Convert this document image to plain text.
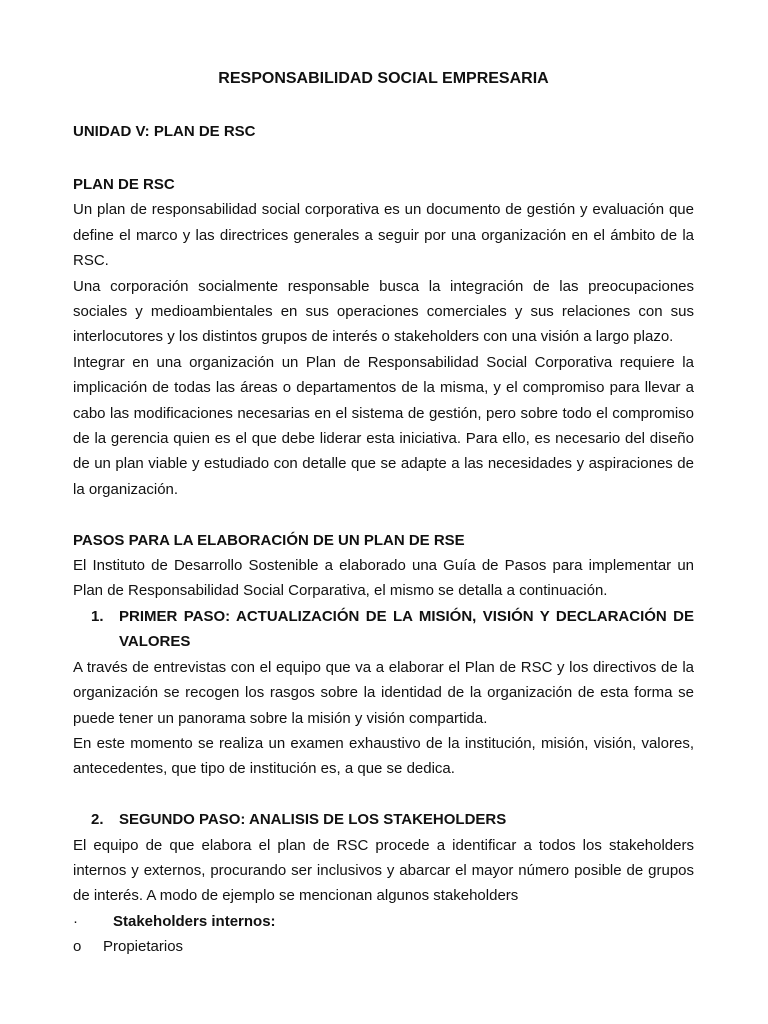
RESPONSABILIDAD SOCIAL EMPRESARIA
UNIDAD V: PLAN DE RSC

PLAN DE RSC

Un plan de responsabilidad social corporativa es un documento de gestión y evaluación que define el marco y las directrices generales a seguir por una organización en el ámbito de la RSC.

Una corporación socialmente responsable busca la integración de las preocupaciones sociales y medioambientales en sus operaciones comerciales y sus relaciones con sus interlocutores y los distintos grupos de interés o stakeholders con una visión a largo plazo.

Integrar en una organización un Plan de Responsabilidad Social Corporativa requiere la implicación de todas las áreas o departamentos de la misma, y el compromiso para llevar a cabo las modificaciones necesarias en el sistema de gestión, pero sobre todo el compromiso de la gerencia quien es el que debe liderar esta iniciativa. Para ello, es necesario del diseño de un plan viable y estudiado con detalle que se adapte a las necesidades y aspiraciones de la organización.

PASOS PARA LA ELABORACIÓN DE UN PLAN DE RSE

El Instituto de Desarrollo Sostenible a elaborado una Guía de Pasos para implementar un Plan de Responsabilidad Social Corparativa, el mismo se detalla a continuación.

1.	PRIMER PASO: ACTUALIZACIÓN DE LA MISIÓN, VISIÓN Y DECLARACIÓN DE VALORES

A través de entrevistas con el equipo que va a elaborar el Plan de RSC y los directivos de la organización se recogen los rasgos sobre la identidad de la organización de esta forma se puede tener un panorama sobre la misión y visión compartida.

En este momento se realiza un examen exhaustivo de la institución, misión, visión, valores, antecedentes, que tipo de institución es, a que se dedica.

2.	SEGUNDO PASO: ANALISIS DE LOS STAKEHOLDERS

El equipo de que elabora el plan de RSC procede a identificar a todos los stakeholders internos y externos, procurando ser inclusivos y abarcar el mayor número posible de grupos de interés. A modo de ejemplo se mencionan algunos stakeholders

·	Stakeholders internos:
o	Propietarios
